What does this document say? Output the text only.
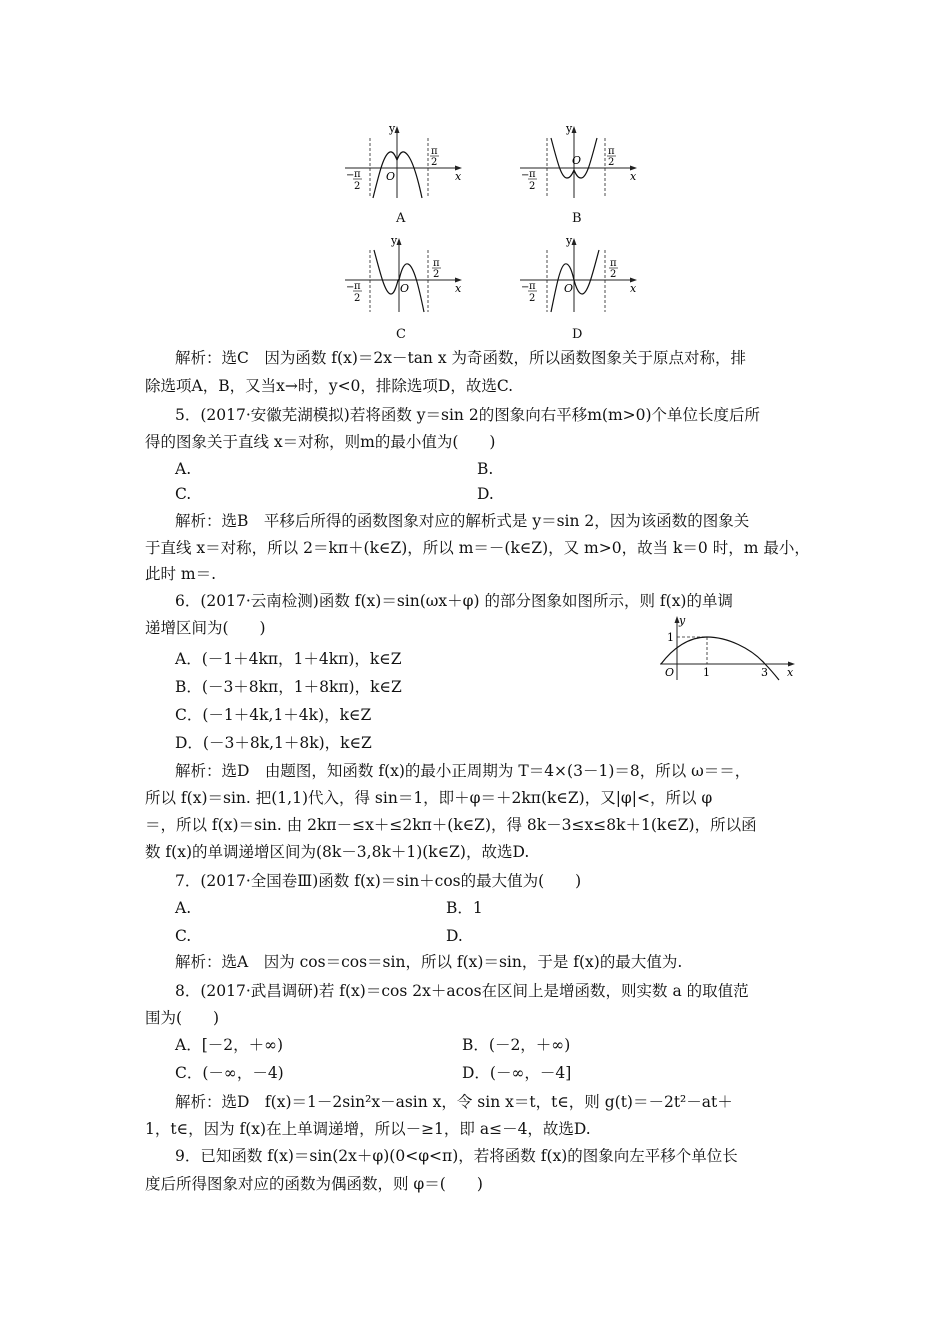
y
x
O
π
2
− π
2
A
y
x
O
π
2
− π
2
B
y
x
O
π
2
− π
2
C
y
x
O
π
2
− π
2
D
解析：选C　因为函数 f(x)＝2x－tan x 为奇函数，所以函数图象关于原点对称，排
除选项A，B，又当x→时，y<0，排除选项D，故选C.
5．(2017·安徽芜湖模拟)若将函数 y＝sin 2的图象向右平移m(m>0)个单位长度后所
得的图象关于直线 x＝对称，则m的最小值为(　　)
A.	B.
C.	D.
解析：选B　平移后所得的函数图象对应的解析式是 y＝sin 2，因为该函数的图象关
于直线 x＝对称，所以 2＝kπ＋(k∈Z)，所以 m＝－(k∈Z)，又 m>0，故当 k＝0 时，m 最小，
此时 m＝.
6．(2017·云南检测)函数 f(x)＝sin(ωx＋φ) 的部分图象如图所示，则 f(x)的单调
递增区间为(　　)
1
y
O	1	3 x
A．(－1＋4kπ，1＋4kπ)，k∈Z
B．(－3＋8kπ，1＋8kπ)，k∈Z
C．(－1＋4k,1＋4k)，k∈Z
D．(－3＋8k,1＋8k)，k∈Z
解析：选D　由题图，知函数 f(x)的最小正周期为 T＝4×(3－1)＝8，所以 ω＝＝，
所以 f(x)＝sin. 把(1,1)代入，得 sin＝1，即＋φ＝＋2kπ(k∈Z)，又|φ|<，所以 φ
＝，所以 f(x)＝sin. 由 2kπ－≤x＋≤2kπ＋(k∈Z)，得 8k－3≤x≤8k＋1(k∈Z)，所以函
数 f(x)的单调递增区间为(8k－3,8k＋1)(k∈Z)，故选D.
7．(2017·全国卷Ⅲ)函数 f(x)＝sin＋cos的最大值为(　　)
A.	B．1
C.	D.
解析：选A　因为 cos＝cos＝sin，所以 f(x)＝sin，于是 f(x)的最大值为.
8．(2017·武昌调研)若 f(x)＝cos 2x＋acos在区间上是增函数，则实数 a 的取值范
围为(　　)
A．[－2，＋∞)	B．(－2，＋∞)
C．(－∞，－4)	D．(－∞，－4]
解析：选D　f(x)＝1－2sin²x－asin x，令 sin x＝t，t∈，则 g(t)＝－2t²－at＋
1，t∈，因为 f(x)在上单调递增，所以－≥1，即 a≤－4，故选D.
9．已知函数 f(x)＝sin(2x＋φ)(0<φ<π)，若将函数 f(x)的图象向左平移个单位长
度后所得图象对应的函数为偶函数，则 φ＝(　　)
